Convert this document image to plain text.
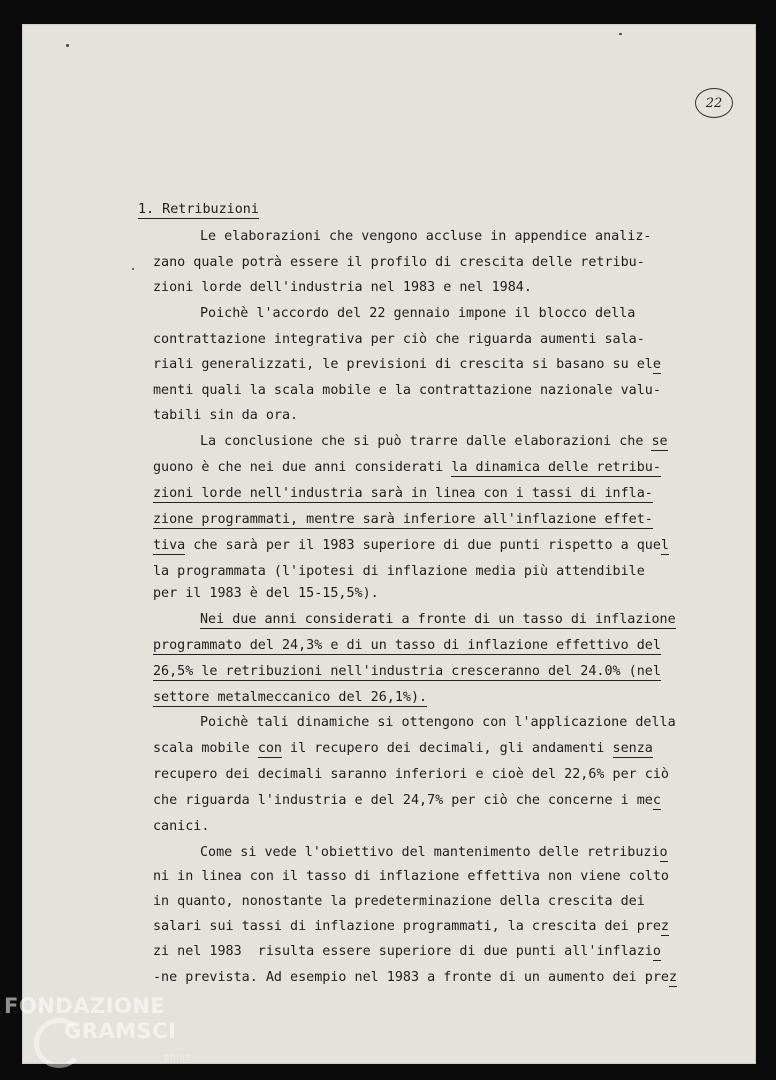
22
1. Retribuzioni
Le elaborazioni che vengono accluse in appendice analiz-
zano quale potrà essere il profilo di crescita delle retribu-
zioni lorde dell'industria nel 1983 e nel 1984.
Poichè l'accordo del 22 gennaio impone il blocco della
contrattazione integrativa per ciò che riguarda aumenti sala-
riali generalizzati, le previsioni di crescita si basano su ele
menti quali la scala mobile e la contrattazione nazionale valu-
tabili sin da ora.
La conclusione che si può trarre dalle elaborazioni che se
guono è che nei due anni considerati la dinamica delle retribu-
zioni lorde nell'industria sarà in linea con i tassi di infla-
zione programmati, mentre sarà inferiore all'inflazione effet-
tiva che sarà per il 1983 superiore di due punti rispetto a quel
la programmata (l'ipotesi di inflazione media più attendibile
per il 1983 è del 15-15,5%).
Nei due anni considerati a fronte di un tasso di inflazione
programmato del 24,3% e di un tasso di inflazione effettivo del
26,5% le retribuzioni nell'industria cresceranno del 24.0% (nel
settore metalmeccanico del 26,1%).
Poichè tali dinamiche si ottengono con l'applicazione della
scala mobile con il recupero dei decimali, gli andamenti senza
recupero dei decimali saranno inferiori e cioè del 22,6% per ciò
che riguarda l'industria e del 24,7% per ciò che concerne i mec
canici.
Come si vede l'obiettivo del mantenimento delle retribuzio
ni in linea con il tasso di inflazione effettiva non viene colto
in quanto, nonostante la predeterminazione della crescita dei
salari sui tassi di inflazione programmati, la crescita dei prez
zi nel 1983  risulta essere superiore di due punti all'inflazio
-ne prevista. Ad esempio nel 1983 a fronte di un aumento dei prez
FONDAZIONE
GRAMSCI
onlus
